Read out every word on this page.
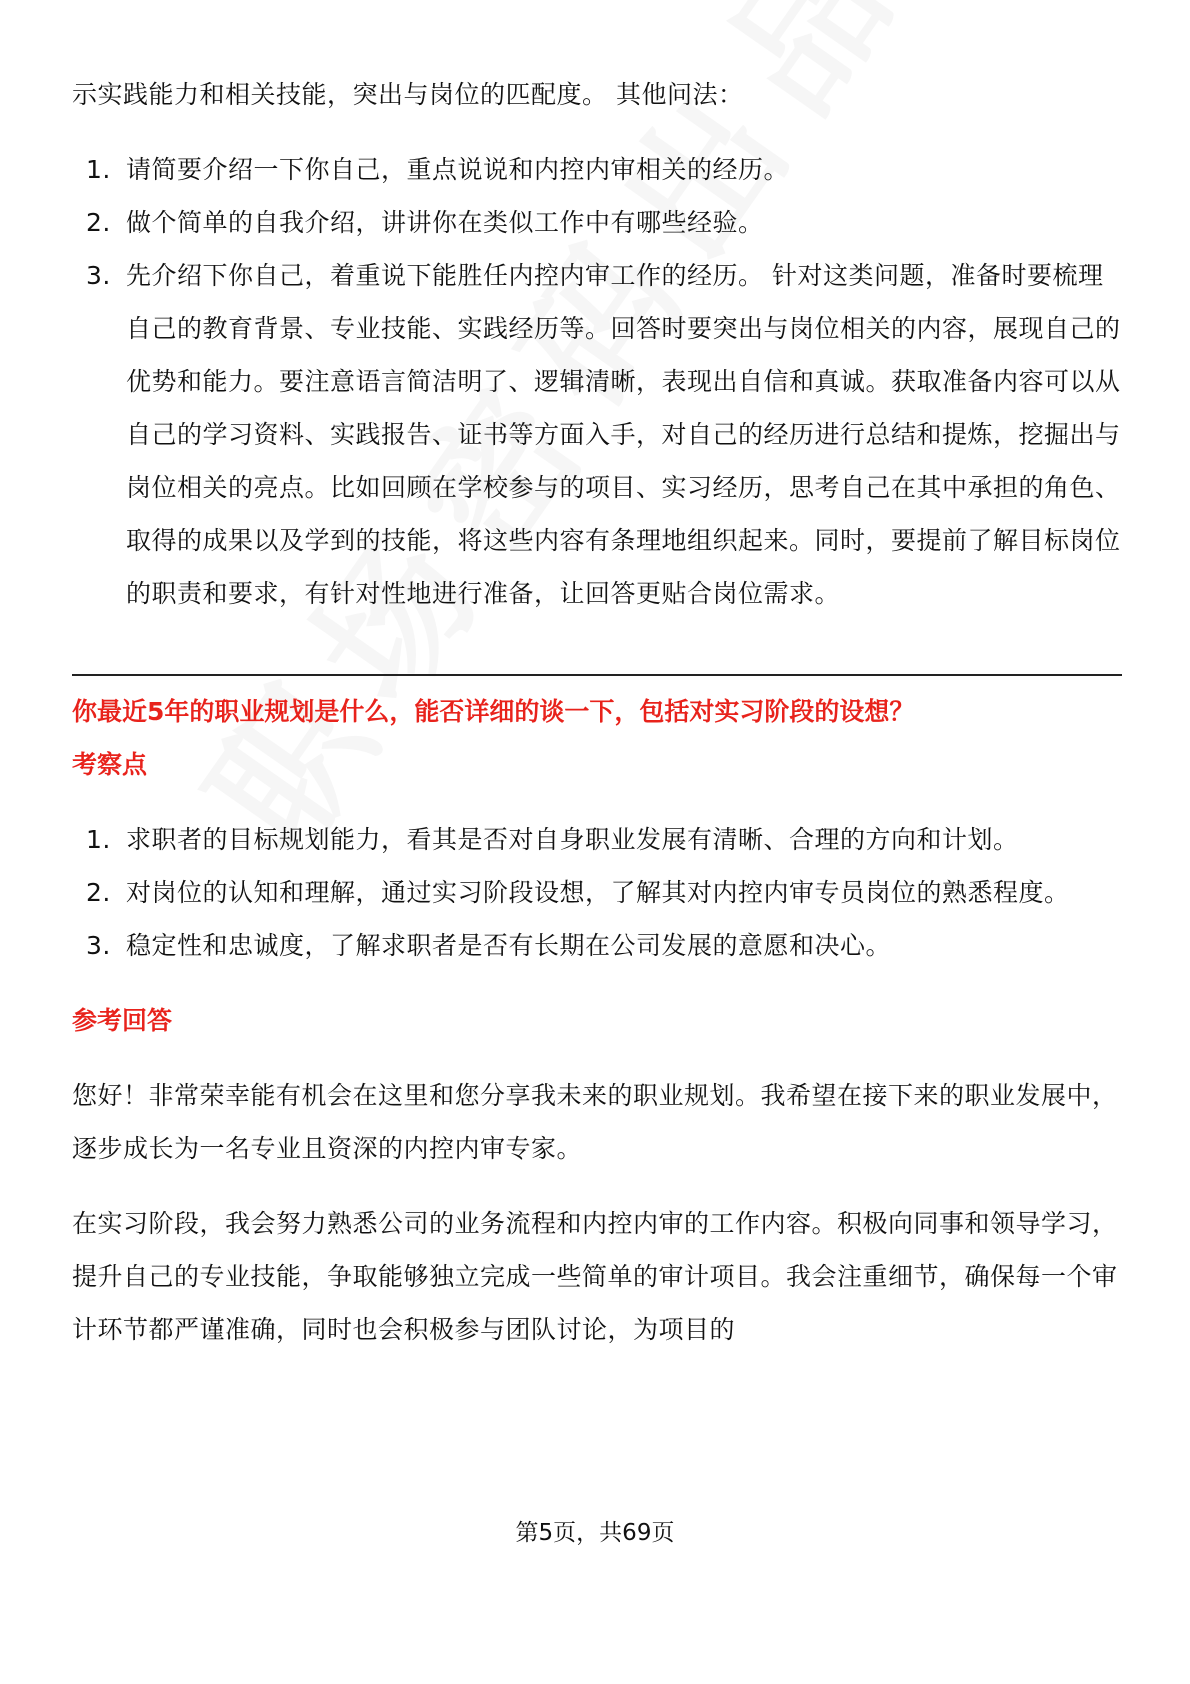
示实践能力和相关技能，突出与岗位的匹配度。 其他问法：

1. 请简要介绍一下你自己，重点说说和内控内审相关的经历。
2. 做个简单的自我介绍，讲讲你在类似工作中有哪些经验。
3. 先介绍下你自己，着重说下能胜任内控内审工作的经历。 针对这类问题，准备时要梳理自己的教育背景、专业技能、实践经历等。回答时要突出与岗位相关的内容，展现自己的优势和能力。要注意语言简洁明了、逻辑清晰，表现出自信和真诚。获取准备内容可以从自己的学习资料、实践报告、证书等方面入手，对自己的经历进行总结和提炼，挖掘出与岗位相关的亮点。比如回顾在学校参与的项目、实习经历，思考自己在其中承担的角色、取得的成果以及学到的技能，将这些内容有条理地组织起来。同时，要提前了解目标岗位的职责和要求，有针对性地进行准备，让回答更贴合岗位需求。

你最近5年的职业规划是什么，能否详细的谈一下，包括对实习阶段的设想？

考察点

1. 求职者的目标规划能力，看其是否对自身职业发展有清晰、合理的方向和计划。
2. 对岗位的认知和理解，通过实习阶段设想，了解其对内控内审专员岗位的熟悉程度。
3. 稳定性和忠诚度，了解求职者是否有长期在公司发展的意愿和决心。

参考回答

您好！非常荣幸能有机会在这里和您分享我未来的职业规划。我希望在接下来的职业发展中，逐步成长为一名专业且资深的内控内审专家。

在实习阶段，我会努力熟悉公司的业务流程和内控内审的工作内容。积极向同事和领导学习，提升自己的专业技能，争取能够独立完成一些简单的审计项目。我会注重细节，确保每一个审计环节都严谨准确，同时也会积极参与团队讨论，为项目的

第5页，共69页
